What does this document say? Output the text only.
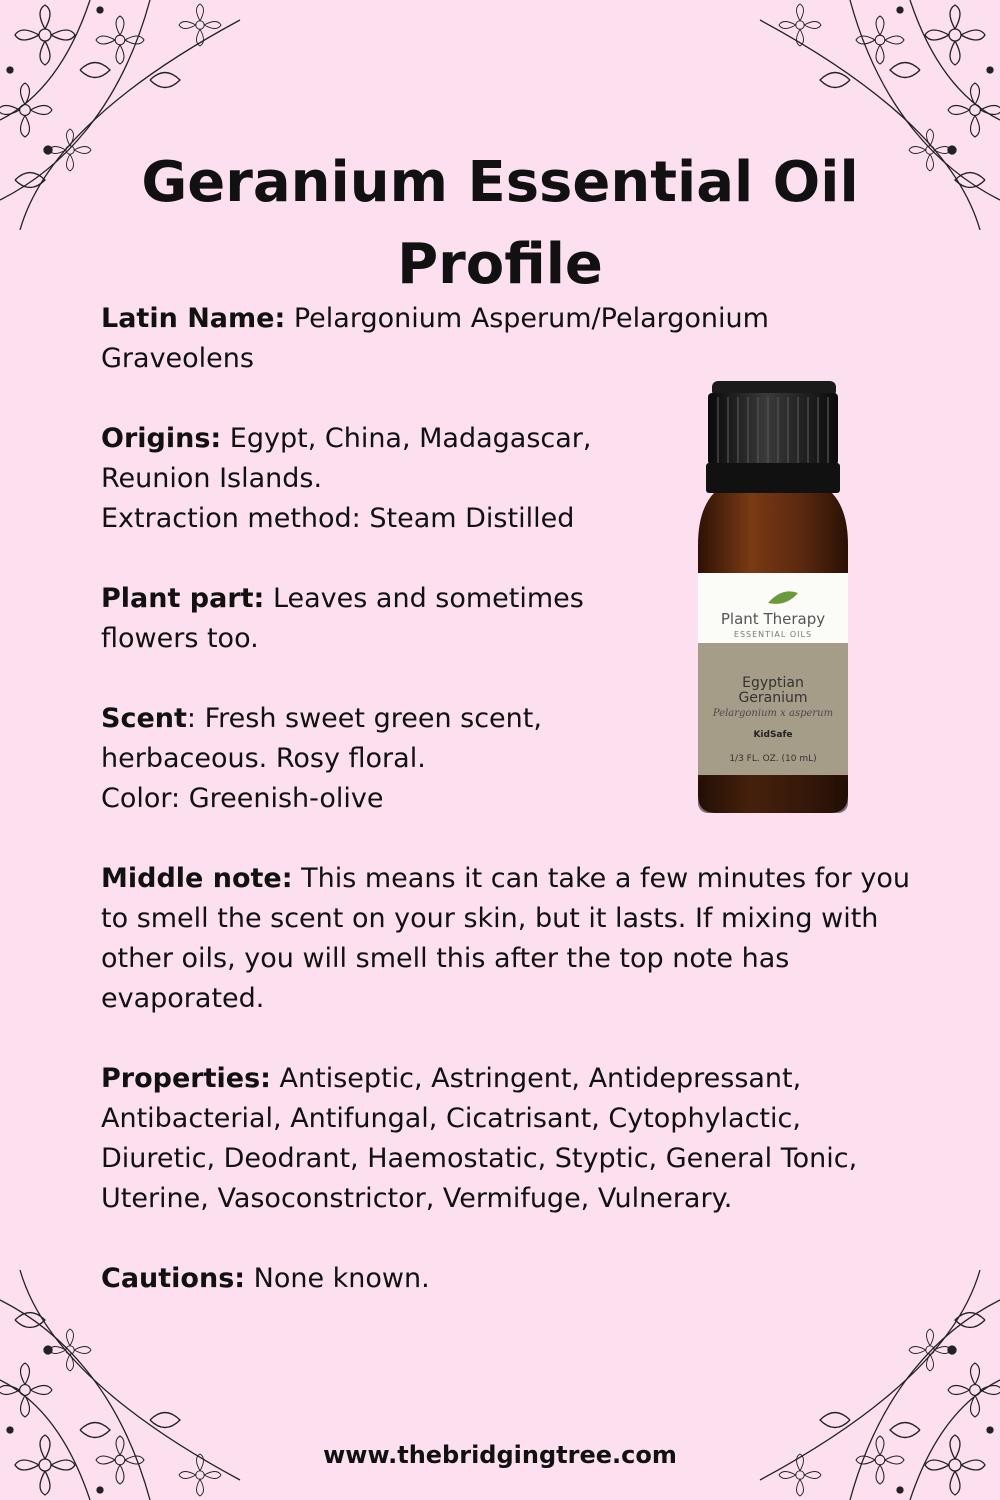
Geranium Essential Oil Profile

Latin Name: Pelargonium Asperum/Pelargonium Graveolens

Origins: Egypt, China, Madagascar, Reunion Islands.
Extraction method: Steam Distilled

Plant part: Leaves and sometimes flowers too.

Scent: Fresh sweet green scent, herbaceous. Rosy floral.
Color: Greenish-olive

Middle note: This means it can take a few minutes for you to smell the scent on your skin, but it lasts. If mixing with other oils, you will smell this after the top note has evaporated.

Properties: Antiseptic, Astringent, Antidepressant, Antibacterial, Antifungal, Cicatrisant, Cytophylactic, Diuretic, Deodrant, Haemostatic, Styptic, General Tonic, Uterine, Vasoconstrictor, Vermifuge, Vulnerary.

Cautions: None known.

Plant Therapy
ESSENTIAL OILS
Egyptian
Geranium
Pelargonium x asperum
KidSafe
1/3 FL. OZ. (10 mL)
www.thebridgingtree.com
